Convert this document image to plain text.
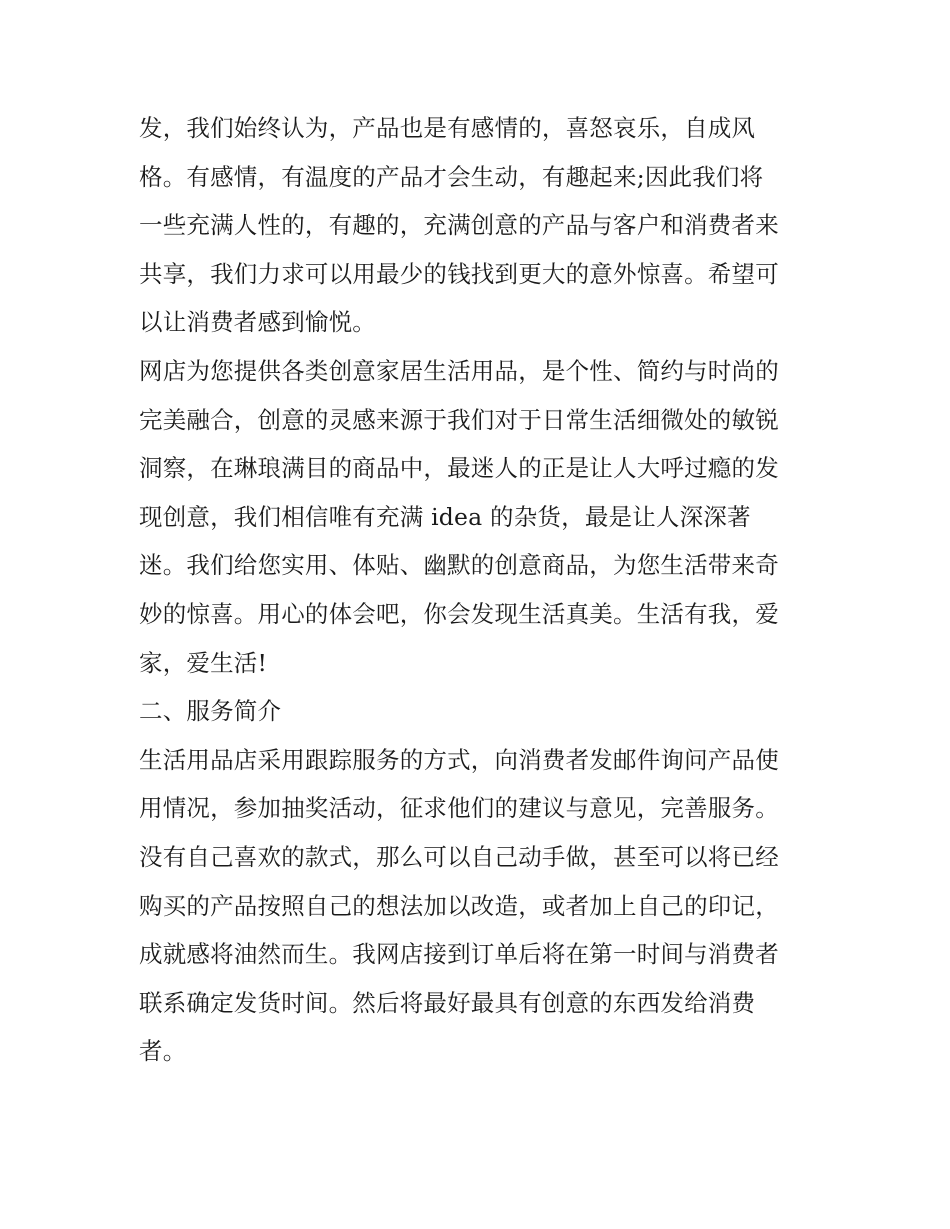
发，我们始终认为，产品也是有感情的，喜怒哀乐，自成风
格。有感情，有温度的产品才会生动，有趣起来;因此我们将
一些充满人性的，有趣的，充满创意的产品与客户和消费者来
共享，我们力求可以用最少的钱找到更大的意外惊喜。希望可
以让消费者感到愉悦。
网店为您提供各类创意家居生活用品，是个性、简约与时尚的
完美融合，创意的灵感来源于我们对于日常生活细微处的敏锐
洞察，在琳琅满目的商品中，最迷人的正是让人大呼过瘾的发
现创意，我们相信唯有充满 idea 的杂货，最是让人深深著
迷。我们给您实用、体贴、幽默的创意商品，为您生活带来奇
妙的惊喜。用心的体会吧，你会发现生活真美。生活有我，爱
家，爱生活!
二、服务简介
生活用品店采用跟踪服务的方式，向消费者发邮件询问产品使
用情况，参加抽奖活动，征求他们的建议与意见，完善服务。
没有自己喜欢的款式，那么可以自己动手做，甚至可以将已经
购买的产品按照自己的想法加以改造，或者加上自己的印记，
成就感将油然而生。我网店接到订单后将在第一时间与消费者
联系确定发货时间。然后将最好最具有创意的东西发给消费
者。
